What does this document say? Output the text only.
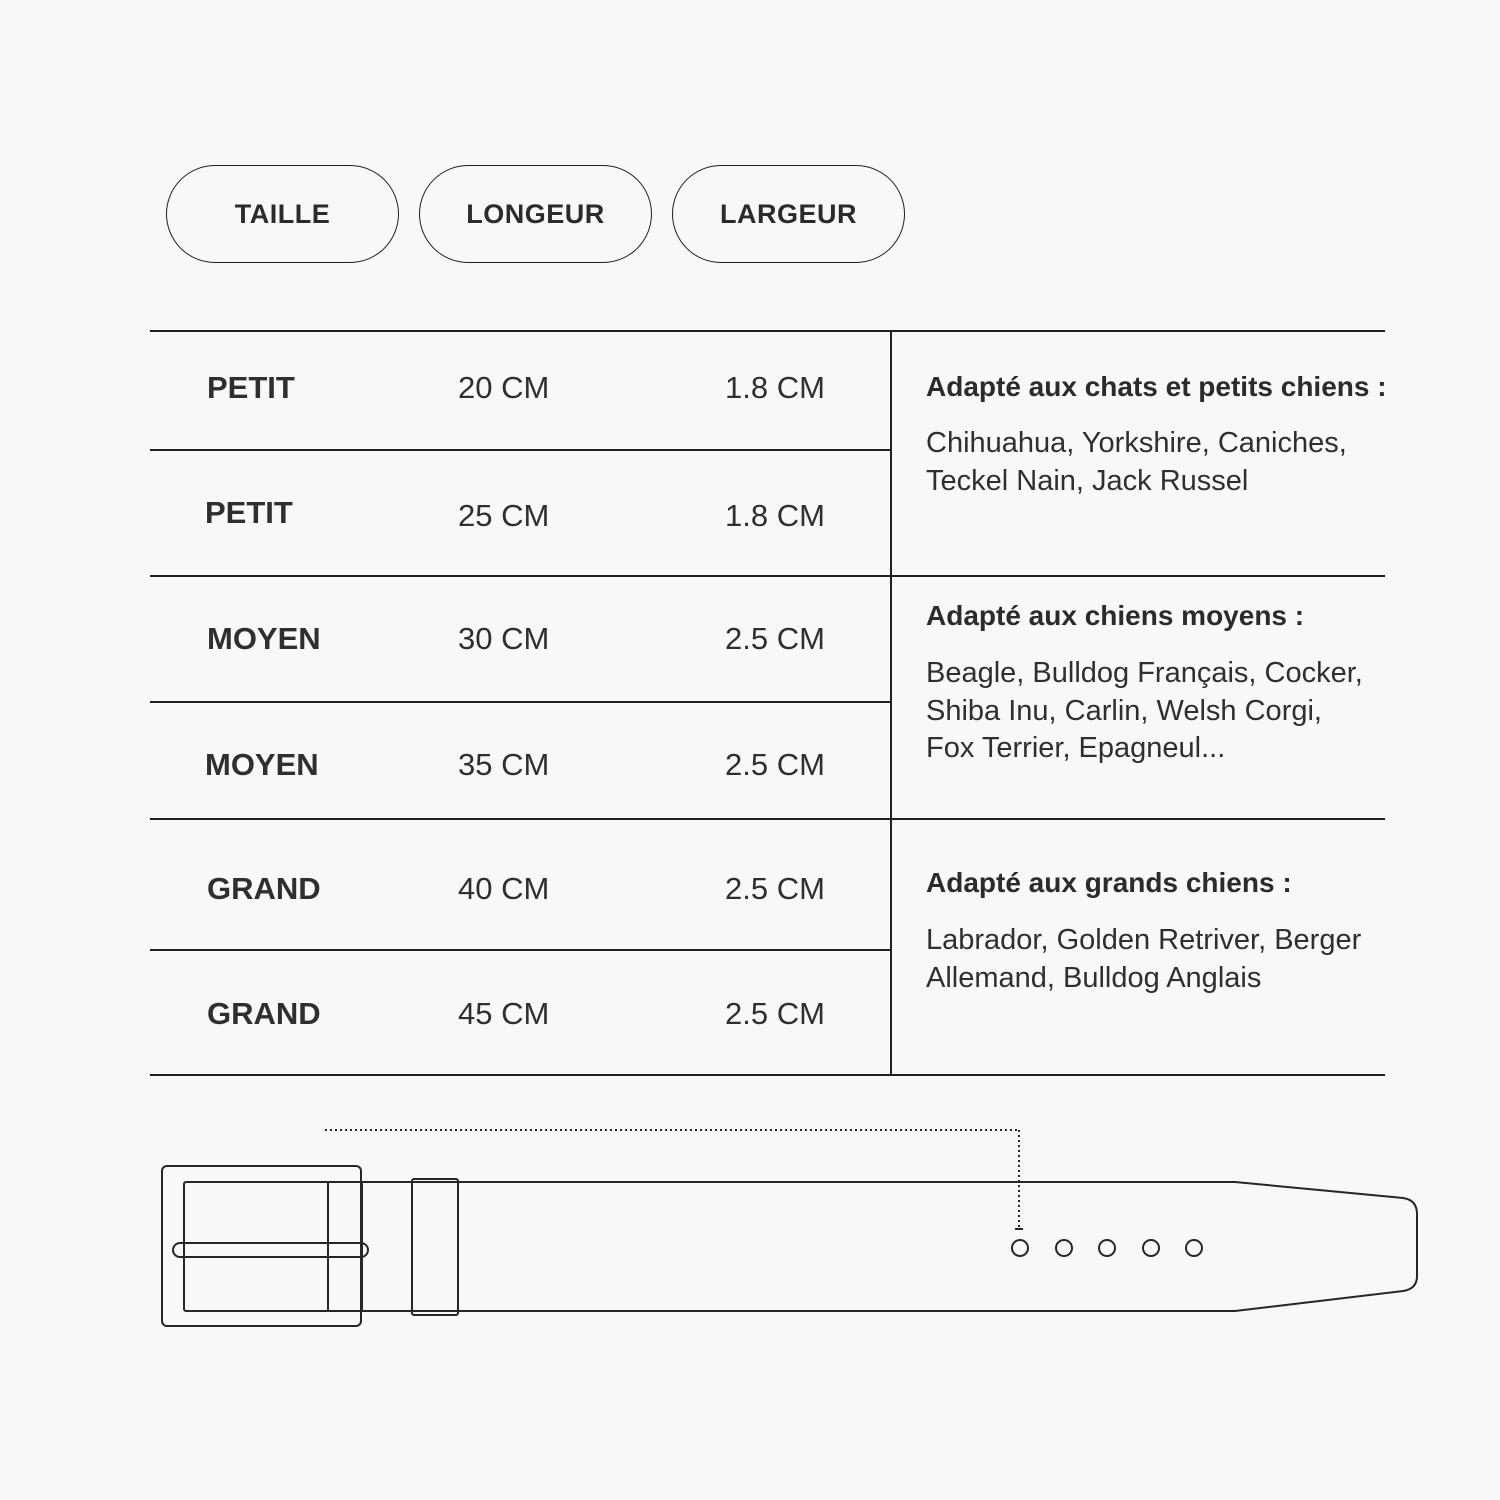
TAILLE	LONGEUR	LARGEUR
PETIT	20 CM	1.8 CM
PETIT	25 CM	1.8 CM
MOYEN	30 CM	2.5 CM
MOYEN	35 CM	2.5 CM
GRAND	40 CM	2.5 CM
GRAND	45 CM	2.5 CM
Adapté aux chats et petits chiens :
Chihuahua, Yorkshire, Caniches, Teckel Nain, Jack Russel
Adapté aux chiens moyens :
Beagle, Bulldog Français, Cocker, Shiba Inu, Carlin, Welsh Corgi, Fox Terrier, Epagneul...
Adapté aux grands chiens :
Labrador, Golden Retriver, Berger Allemand, Bulldog Anglais
